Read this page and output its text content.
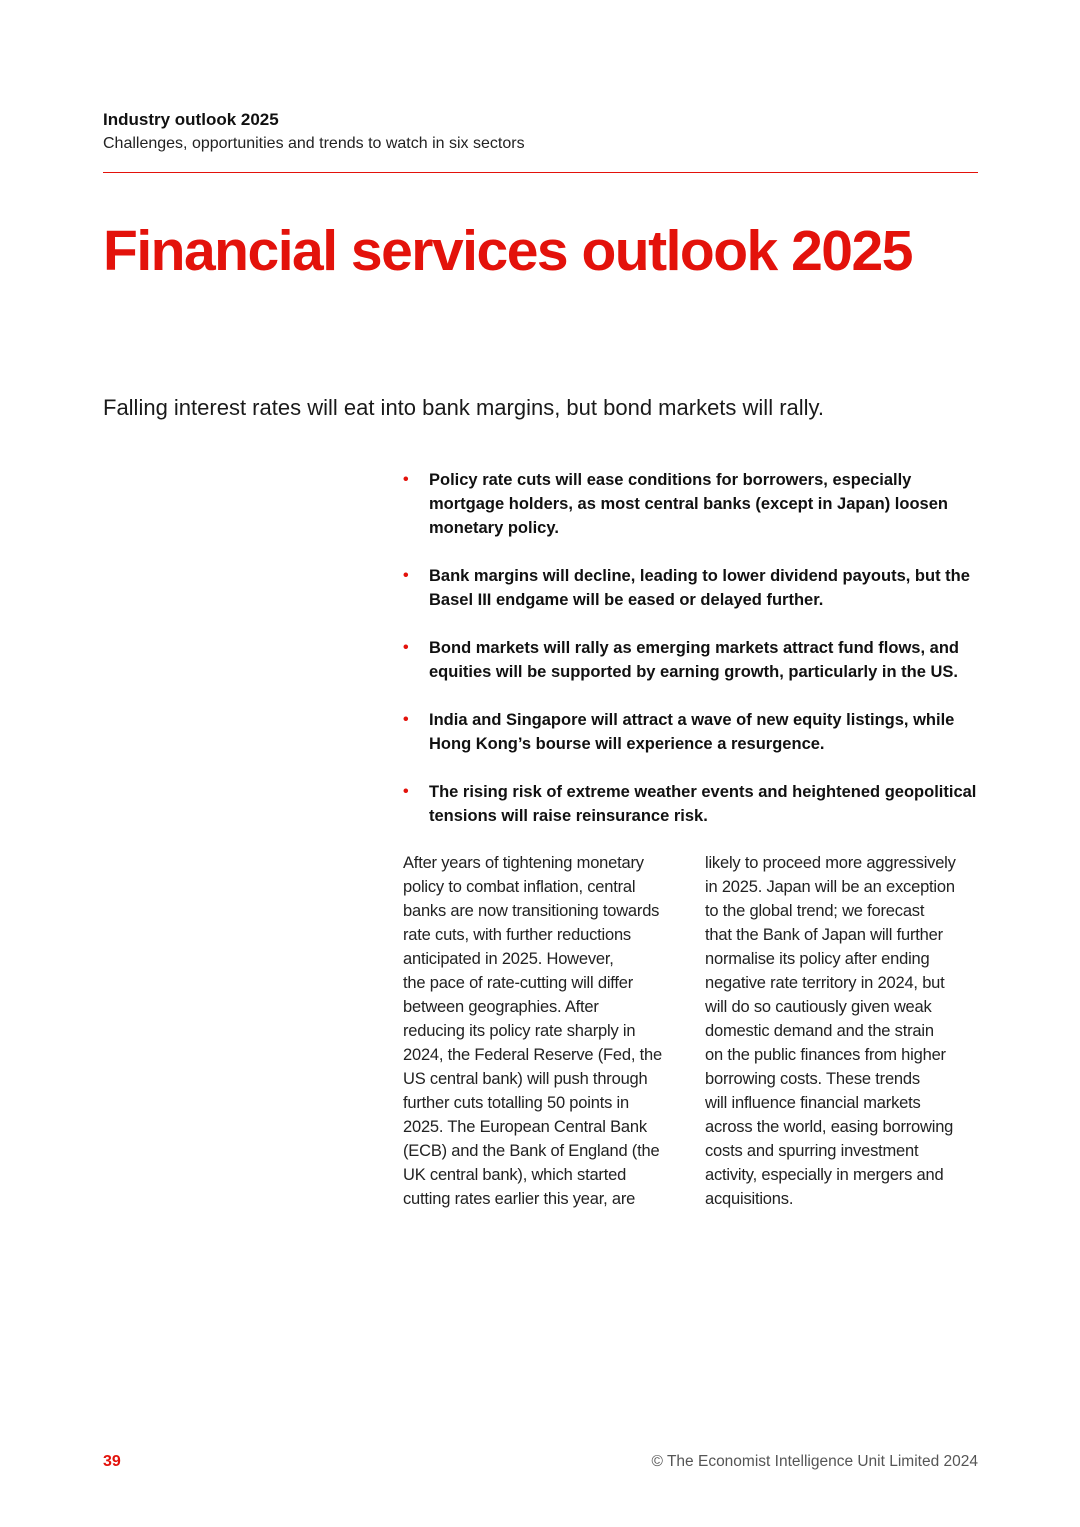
Industry outlook 2025
Challenges, opportunities and trends to watch in six sectors
Financial services outlook 2025
Falling interest rates will eat into bank margins, but bond markets will rally.
• Policy rate cuts will ease conditions for borrowers, especially mortgage holders, as most central banks (except in Japan) loosen monetary policy.
• Bank margins will decline, leading to lower dividend payouts, but the Basel III endgame will be eased or delayed further.
• Bond markets will rally as emerging markets attract fund flows, and equities will be supported by earning growth, particularly in the US.
• India and Singapore will attract a wave of new equity listings, while Hong Kong’s bourse will experience a resurgence.
• The rising risk of extreme weather events and heightened geopolitical tensions will raise reinsurance risk.
After years of tightening monetary
policy to combat inflation, central
banks are now transitioning towards
rate cuts, with further reductions
anticipated in 2025. However,
the pace of rate-cutting will differ
between geographies. After
reducing its policy rate sharply in
2024, the Federal Reserve (Fed, the
US central bank) will push through
further cuts totalling 50 points in
2025. The European Central Bank
(ECB) and the Bank of England (the
UK central bank), which started
cutting rates earlier this year, are
likely to proceed more aggressively
in 2025. Japan will be an exception
to the global trend; we forecast
that the Bank of Japan will further
normalise its policy after ending
negative rate territory in 2024, but
will do so cautiously given weak
domestic demand and the strain
on the public finances from higher
borrowing costs. These trends
will influence financial markets
across the world, easing borrowing
costs and spurring investment
activity, especially in mergers and
acquisitions.
39	© The Economist Intelligence Unit Limited 2024
